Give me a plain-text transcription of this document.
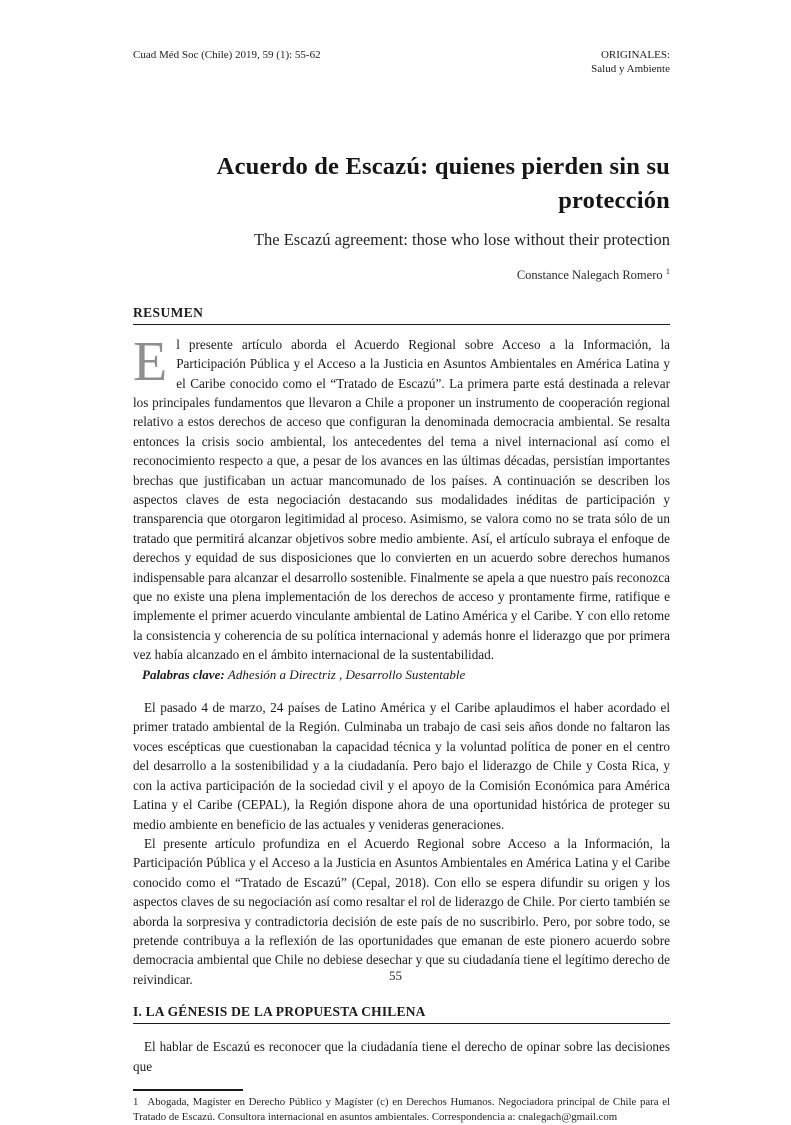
Cuad Méd Soc (Chile) 2019, 59 (1): 55-62	ORIGINALES:
Salud y Ambiente
Acuerdo de Escazú: quienes pierden sin su protección
The Escazú agreement: those who lose without their protection
Constance Nalegach Romero $^1$
RESUMEN

El presente artículo aborda el Acuerdo Regional sobre Acceso a la Información, la Participación Pública y el Acceso a la Justicia en Asuntos Ambientales en América Latina y el Caribe conocido como el “Tratado de Escazú”. La primera parte está destinada a relevar los principales fundamentos que llevaron a Chile a proponer un instrumento de cooperación regional relativo a estos derechos de acceso que configuran la denominada democracia ambiental. Se resalta entonces la crisis socio ambiental, los antecedentes del tema a nivel internacional así como el reconocimiento respecto a que, a pesar de los avances en las últimas décadas, persistían importantes brechas que justificaban un actuar mancomunado de los países. A continuación se describen los aspectos claves de esta negociación destacando sus modalidades inéditas de participación y transparencia que otorgaron legitimidad al proceso. Asimismo, se valora como no se trata sólo de un tratado que permitirá alcanzar objetivos sobre medio ambiente. Así, el artículo subraya el enfoque de derechos y equidad de sus disposiciones que lo convierten en un acuerdo sobre derechos humanos indispensable para alcanzar el desarrollo sostenible. Finalmente se apela a que nuestro país reconozca que no existe una plena implementación de los derechos de acceso y prontamente firme, ratifique e implemente el primer acuerdo vinculante ambiental de Latino América y el Caribe. Y con ello retome la consistencia y coherencia de su política internacional y además honre el liderazgo que por primera vez había alcanzado en el ámbito internacional de la sustentabilidad.

Palabras clave: Adhesión a Directriz , Desarrollo Sustentable

El pasado 4 de marzo, 24 países de Latino América y el Caribe aplaudimos el haber acordado el primer tratado ambiental de la Región. Culminaba un trabajo de casi seis años donde no faltaron las voces escépticas que cuestionaban la capacidad técnica y la voluntad política de poner en el centro del desarrollo a la sostenibilidad y a la ciudadanía. Pero bajo el liderazgo de Chile y Costa Rica, y con la activa participación de la sociedad civil y el apoyo de la Comisión Económica para América Latina y el Caribe (CEPAL), la Región dispone ahora de una oportunidad histórica de proteger su medio ambiente en beneficio de las actuales y venideras generaciones.

El presente artículo profundiza en el Acuerdo Regional sobre Acceso a la Información, la Participación Pública y el Acceso a la Justicia en Asuntos Ambientales en América Latina y el Caribe conocido como el “Tratado de Escazú” (Cepal, 2018). Con ello se espera difundir su origen y los aspectos claves de su negociación así como resaltar el rol de liderazgo de Chile. Por cierto también se aborda la sorpresiva y contradictoria decisión de este país de no suscribirlo. Pero, por sobre todo, se pretende contribuya a la reflexión de las oportunidades que emanan de este pionero acuerdo sobre democracia ambiental que Chile no debiese desechar y que su ciudadanía tiene el legítimo derecho de reivindicar.

I. LA GÉNESIS DE LA PROPUESTA CHILENA

El hablar de Escazú es reconocer que la ciudadanía tiene el derecho de opinar sobre las decisiones que

1 Abogada, Magíster en Derecho Público y Magíster (c) en Derechos Humanos. Negociadora principal de Chile para el Tratado de Escazú. Consultora internacional en asuntos ambientales. Correspondencia a: cnalegach@gmail.com

55
